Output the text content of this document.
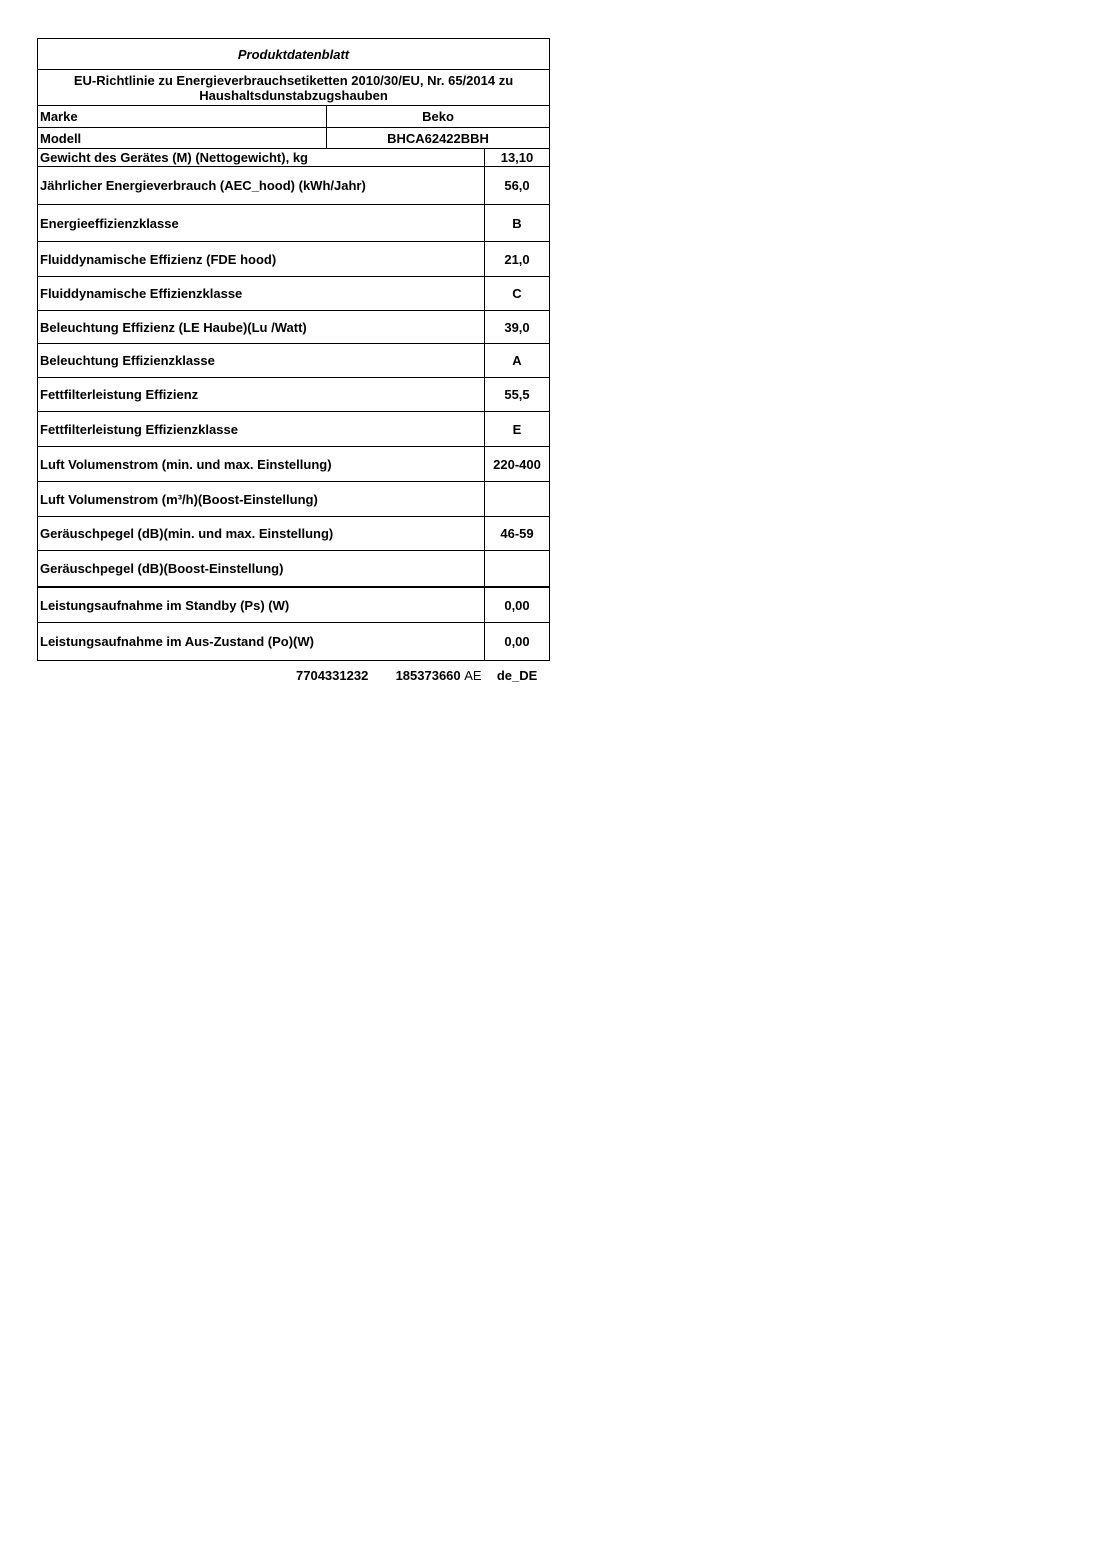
Produktdatenblatt
EU-Richtlinie zu Energieverbrauchsetiketten 2010/30/EU, Nr. 65/2014 zu Haushaltsdunstabzugshauben
Marke	Beko
Modell	BHCA62422BBH
Gewicht des Gerätes (M) (Nettogewicht), kg	13,10
Jährlicher Energieverbrauch (AEC_hood) (kWh/Jahr)	56,0
Energieeffizienzklasse	B
Fluiddynamische Effizienz (FDE hood)	21,0
Fluiddynamische Effizienzklasse	C
Beleuchtung Effizienz (LE Haube)(Lu /Watt)	39,0
Beleuchtung Effizienzklasse	A
Fettfilterleistung Effizienz	55,5
Fettfilterleistung Effizienzklasse	E
Luft Volumenstrom (min. und max. Einstellung)	220-400
Luft Volumenstrom (m³/h)(Boost-Einstellung)
Geräuschpegel (dB)(min. und max. Einstellung)	46-59
Geräuschpegel (dB)(Boost-Einstellung)
Leistungsaufnahme im Standby (Ps) (W)	0,00
Leistungsaufnahme im Aus-Zustand (Po)(W)	0,00
7704331232 185373660 AE de_DE
